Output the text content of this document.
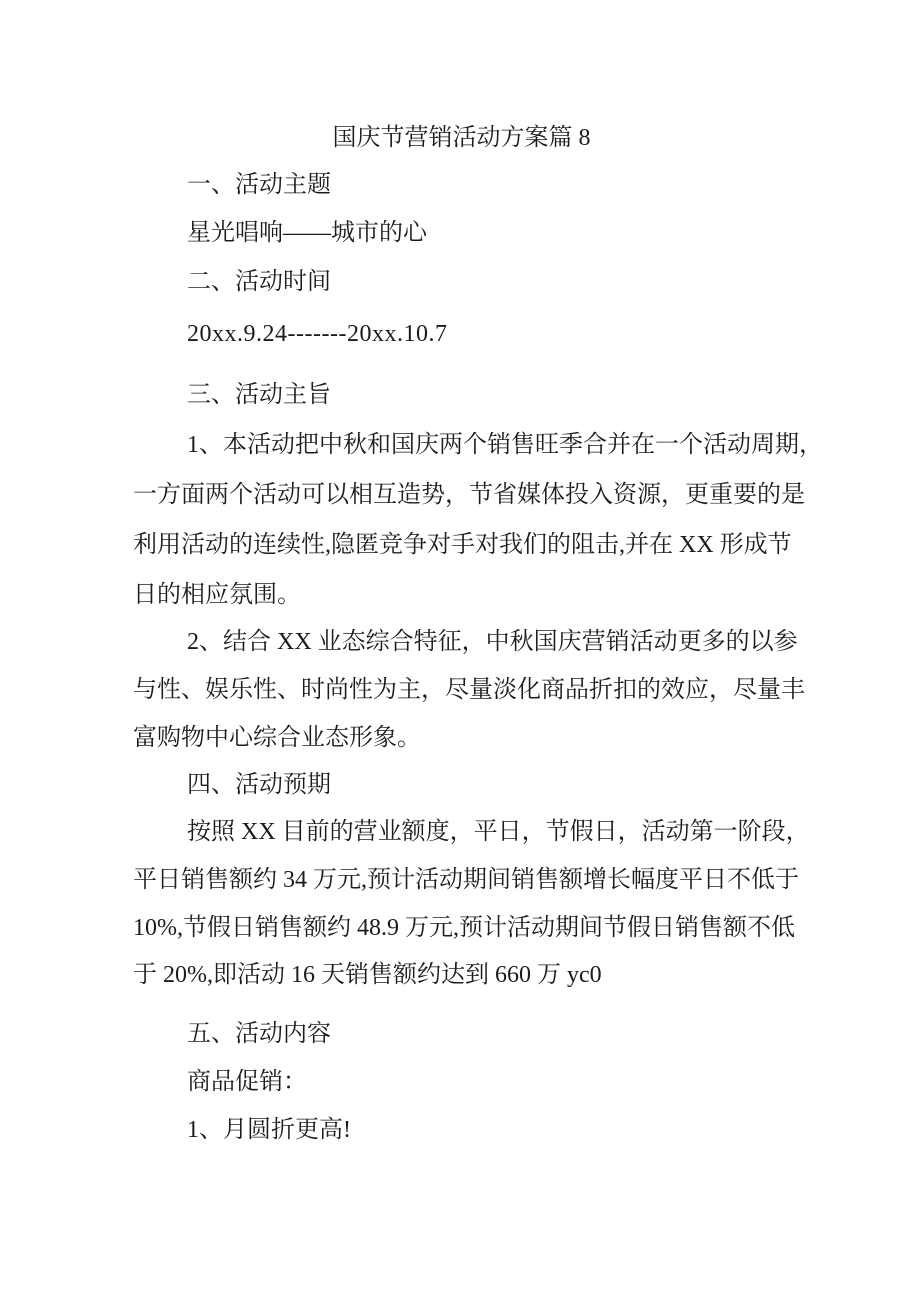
国庆节营销活动方案篇 8
一、活动主题
星光唱响——城市的心
二、活动时间
20xx.9.24-------20xx.10.7
三、活动主旨
1、本活动把中秋和国庆两个销售旺季合并在一个活动周期，
一方面两个活动可以相互造势，节省媒体投入资源，更重要的是
利用活动的连续性,隐匿竞争对手对我们的阻击,并在 XX 形成节
日的相应氛围。
2、结合 XX 业态综合特征，中秋国庆营销活动更多的以参
与性、娱乐性、时尚性为主，尽量淡化商品折扣的效应，尽量丰
富购物中心综合业态形象。
四、活动预期
按照 XX 目前的营业额度，平日，节假日，活动第一阶段，
平日销售额约 34 万元,预计活动期间销售额增长幅度平日不低于
10%,节假日销售额约 48.9 万元,预计活动期间节假日销售额不低
于 20%,即活动 16 天销售额约达到 660 万 yc0
五、活动内容
商品促销：
1、月圆折更高!
